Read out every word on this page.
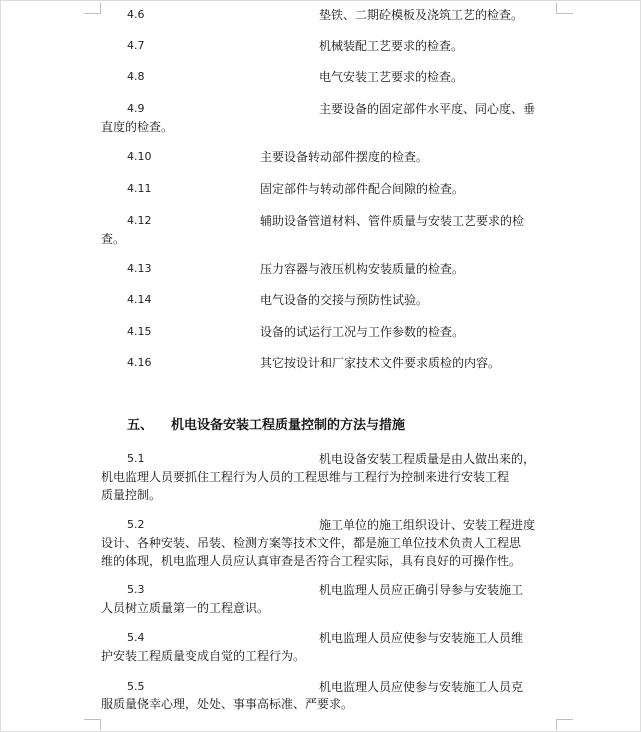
4.6	垫铁、二期砼模板及浇筑工艺的检查。
4.7	机械装配工艺要求的检查。
4.8	电气安装工艺要求的检查。
4.9	主要设备的固定部件水平度、同心度、垂
直度的检查。
4.10	主要设备转动部件摆度的检查。
4.11	固定部件与转动部件配合间隙的检查。
4.12	辅助设备管道材料、管件质量与安装工艺要求的检
查。
4.13	压力容器与液压机构安装质量的检查。
4.14	电气设备的交接与预防性试验。
4.15	设备的试运行工况与工作参数的检查。
4.16	其它按设计和厂家技术文件要求质检的内容。
五、 机电设备安装工程质量控制的方法与措施
5.1	机电设备安装工程质量是由人做出来的，
机电监理人员要抓住工程行为人员的工程思维与工程行为控制来进行安装工程
质量控制。
5.2	施工单位的施工组织设计、安装工程进度
设计、各种安装、吊装、检测方案等技术文件，都是施工单位技术负责人工程思
维的体现，机电监理人员应认真审查是否符合工程实际，具有良好的可操作性。
5.3	机电监理人员应正确引导参与安装施工
人员树立质量第一的工程意识。
5.4	机电监理人员应使参与安装施工人员维
护安装工程质量变成自觉的工程行为。
5.5	机电监理人员应使参与安装施工人员克
服质量侥幸心理，处处、事事高标准、严要求。
